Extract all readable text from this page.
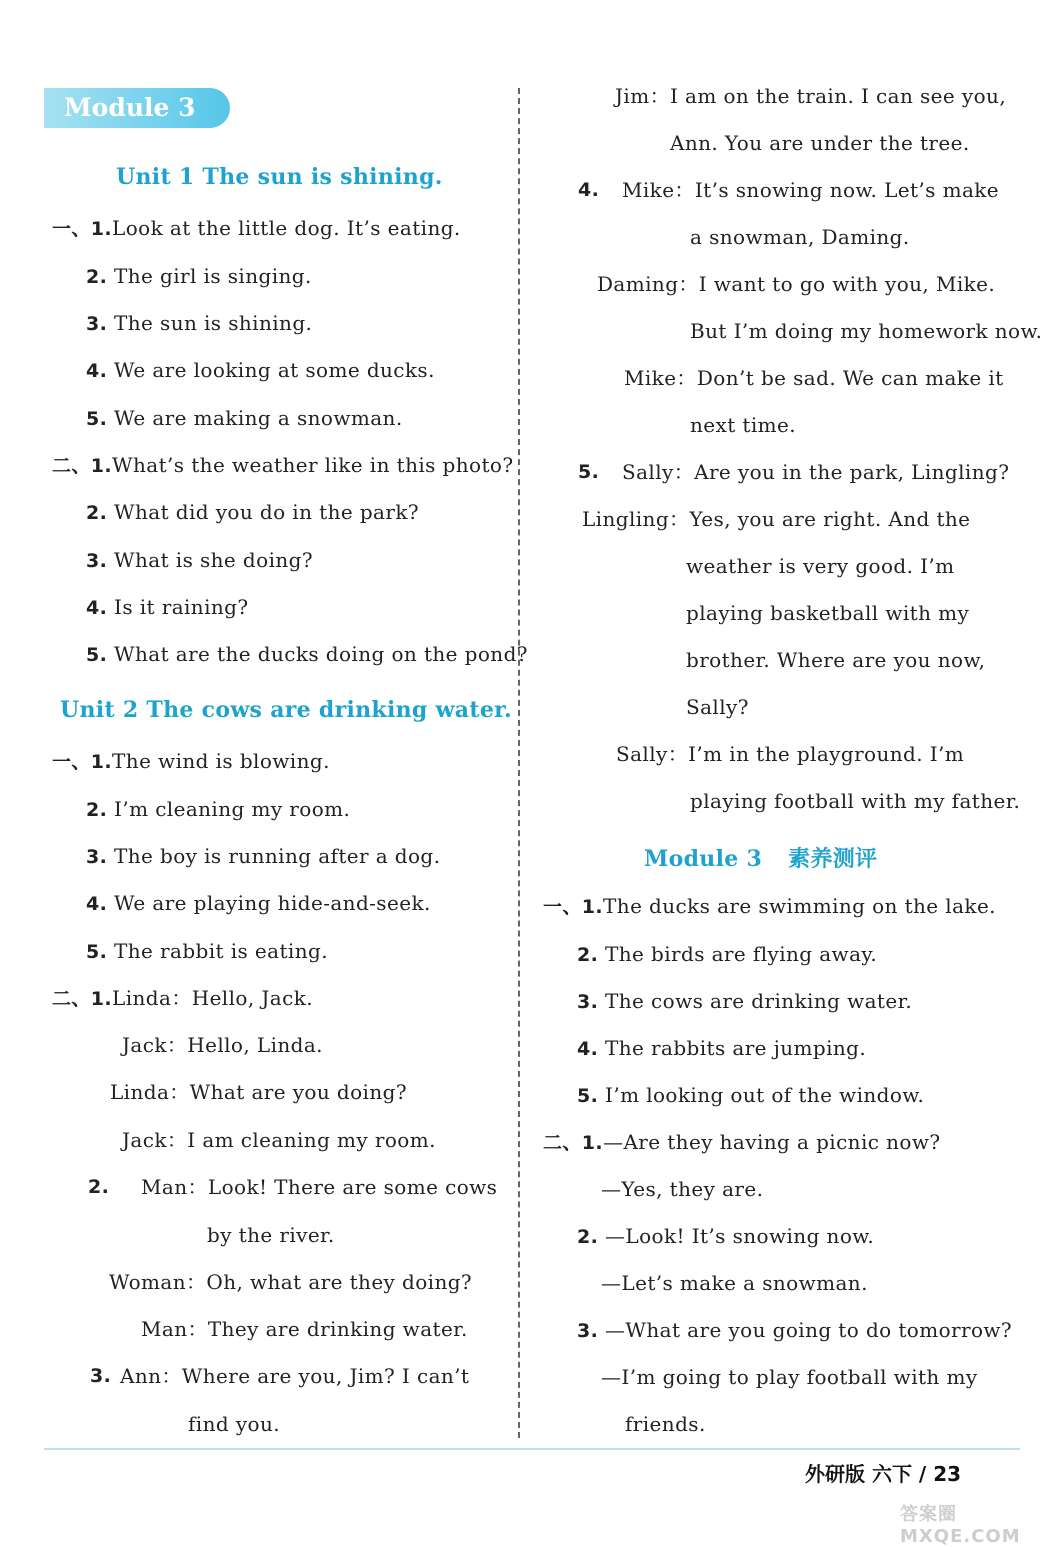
Module 3
Unit 1 The sun is shining.
一、1.Look at the little dog. It’s eating.
2. The girl is singing.
3. The sun is shining.
4. We are looking at some ducks.
5. We are making a snowman.
二、1.What’s the weather like in this photo?
2. What did you do in the park?
3. What is she doing?
4. Is it raining?
5. What are the ducks doing on the pond?
Unit 2 The cows are drinking water.
一、1.The wind is blowing.
2. I’m cleaning my room.
3. The boy is running after a dog.
4. We are playing hide-and-seek.
5. The rabbit is eating.
二、1.Linda：Hello, Jack.
Jack：Hello, Linda.
Linda：What are you doing?
Jack：I am cleaning my room.
2. Man：Look! There are some cows
by the river.
Woman：Oh, what are they doing?
Man：They are drinking water.
3. Ann：Where are you, Jim? I can’t
find you.
Jim：I am on the train. I can see you,
Ann. You are under the tree.
4. Mike：It’s snowing now. Let’s make
a snowman, Daming.
Daming：I want to go with you, Mike.
But I’m doing my homework now.
Mike：Don’t be sad. We can make it
next time.
5. Sally：Are you in the park, Lingling?
Lingling：Yes, you are right. And the
weather is very good. I’m
playing basketball with my
brother. Where are you now,
Sally?
Sally：I’m in the playground. I’m
playing football with my father.
Module 3 素养测评
一、1.The ducks are swimming on the lake.
2. The birds are flying away.
3. The cows are drinking water.
4. The rabbits are jumping.
5. I’m looking out of the window.
二、1.—Are they having a picnic now?
—Yes, they are.
2. —Look! It’s snowing now.
—Let’s make a snowman.
3. —What are you going to do tomorrow?
—I’m going to play football with my
friends.
外研版 六下 / 23
答案圈 MXQE.COM
